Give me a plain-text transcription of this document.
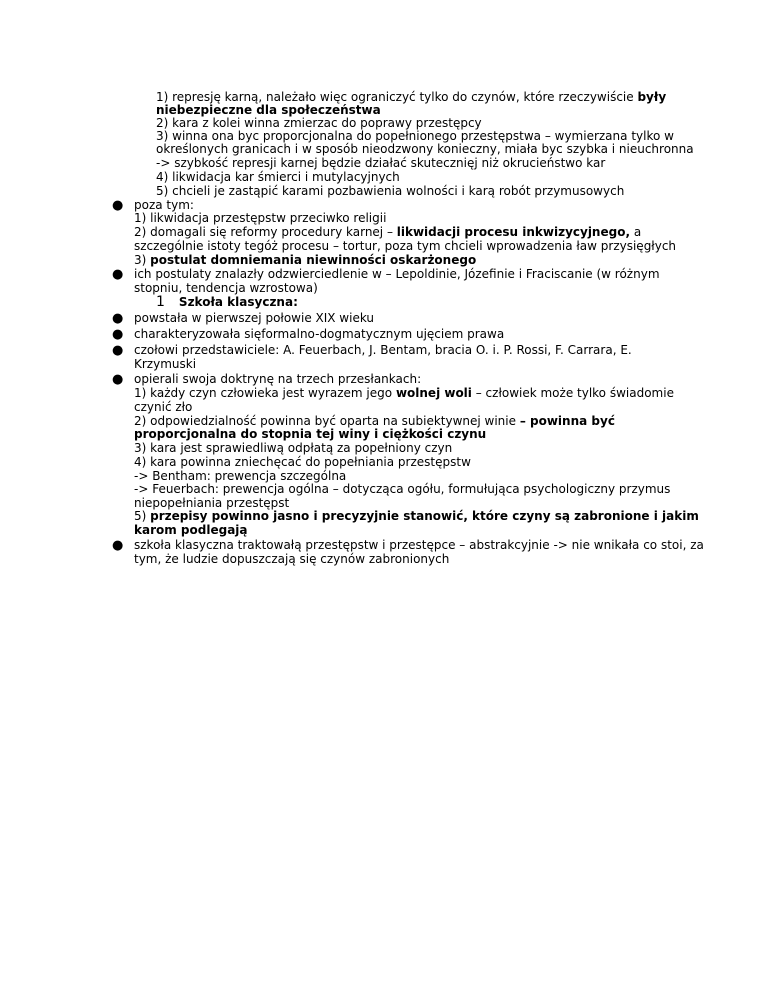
1) represję karną, należało więc ograniczyć tylko do czynów, które rzeczywiście były
niebezpieczne dla społeczeństwa
2) kara z kolei winna zmierzac do poprawy przestępcy
3) winna ona byc proporcjonalna do popełnionego przestępstwa – wymierzana tylko w
określonych granicach i w sposób nieodzwony konieczny, miała byc szybka i nieuchronna
-> szybkość represji karnej będzie działać skutecznięj niż okrucieństwo kar
4) likwidacja kar śmierci i mutylacyjnych
5) chcieli je zastąpić karami pozbawienia wolności i karą robót przymusowych
● poza tym:
1) likwidacja przestępstw przeciwko religii
2) domagali się reformy procedury karnej – likwidacji procesu inkwizycyjnego, a
szczególnie istoty tegóż procesu – tortur, poza tym chcieli wprowadzenia ław przysięgłych
3) postulat domniemania niewinności oskarżonego
● ich postulaty znalazły odzwierciedlenie w – Lepoldinie, Józefinie i Fraciscanie (w różnym
stopniu, tendencja wzrostowa)
1 Szkoła klasyczna:
● powstała w pierwszej połowie XIX wieku
● charakteryzowała sięformalno-dogmatycznym ujęciem prawa
● czołowi przedstawiciele: A. Feuerbach, J. Bentam, bracia O. i. P. Rossi, F. Carrara, E.
Krzymuski
● opierali swoja doktrynę na trzech przesłankach:
1) każdy czyn człowieka jest wyrazem jego wolnej woli – człowiek może tylko świadomie
czynić zło
2) odpowiedzialność powinna być oparta na subiektywnej winie – powinna być
proporcjonalna do stopnia tej winy i ciężkości czynu
3) kara jest sprawiedliwą odpłatą za popełniony czyn
4) kara powinna zniechęcać do popełniania przestępstw
-> Bentham: prewencja szczególna
-> Feuerbach: prewencja ogólna – dotycząca ogółu, formułująca psychologiczny przymus
niepopełniania przestępst
5) przepisy powinno jasno i precyzyjnie stanowić, które czyny są zabronione i jakim
karom podlegają
● szkoła klasyczna traktowałą przestępstw i przestępce – abstrakcyjnie -> nie wnikała co stoi, za
tym, że ludzie dopuszczają się czynów zabronionych
